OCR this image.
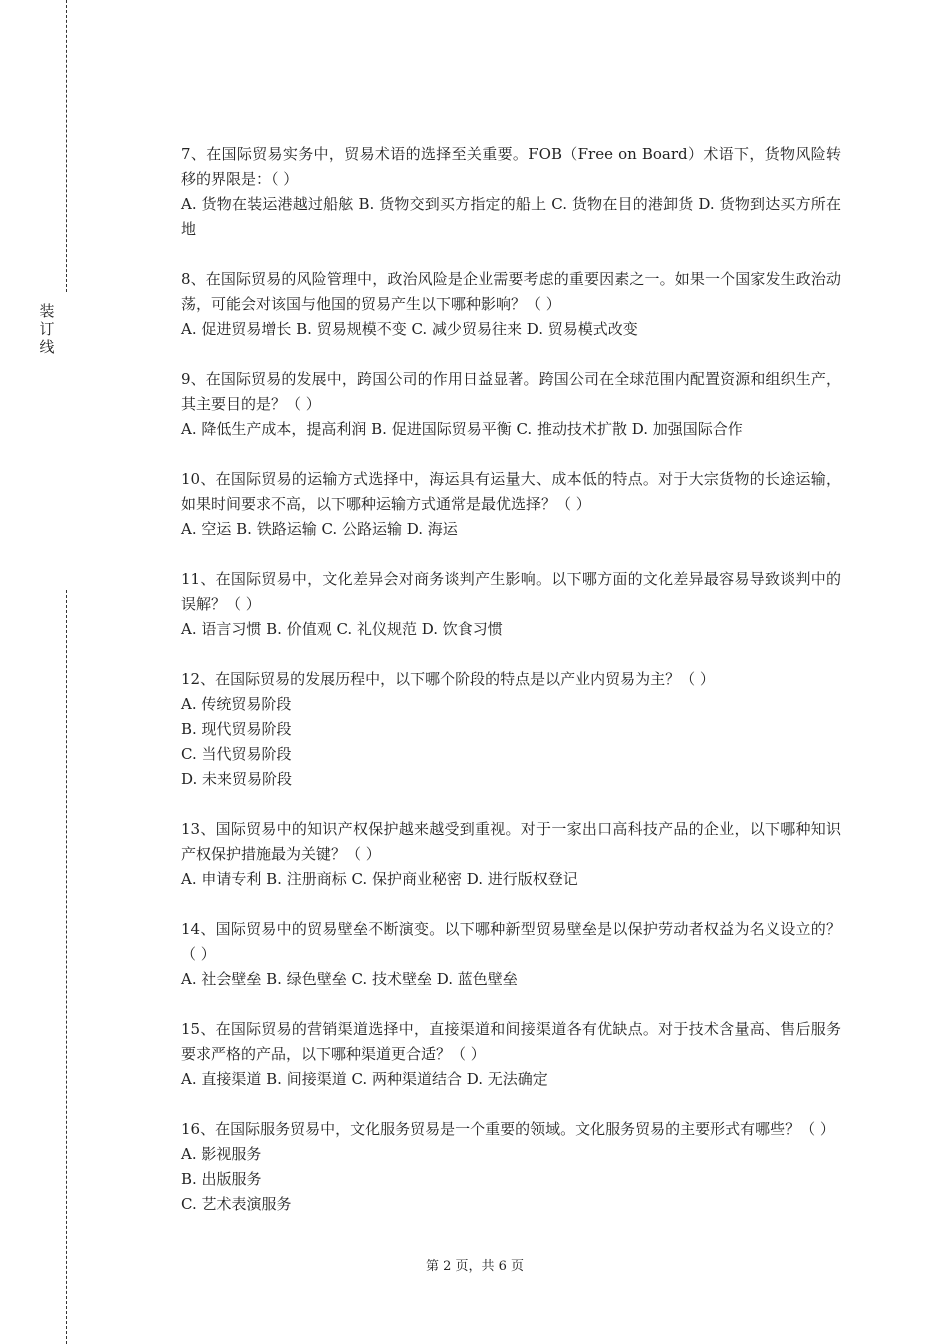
装
订
线

7、在国际贸易实务中，贸易术语的选择至关重要。FOB（Free on Board）术语下，货物风险转移的界限是：（ ）

A. 货物在装运港越过船舷 B. 货物交到买方指定的船上 C. 货物在目的港卸货 D. 货物到达买方所在地

8、在国际贸易的风险管理中，政治风险是企业需要考虑的重要因素之一。如果一个国家发生政治动荡，可能会对该国与他国的贸易产生以下哪种影响？（ ）

A. 促进贸易增长 B. 贸易规模不变 C. 减少贸易往来 D. 贸易模式改变

9、在国际贸易的发展中，跨国公司的作用日益显著。跨国公司在全球范围内配置资源和组织生产，其主要目的是？（ ）

A. 降低生产成本，提高利润 B. 促进国际贸易平衡 C. 推动技术扩散 D. 加强国际合作

10、在国际贸易的运输方式选择中，海运具有运量大、成本低的特点。对于大宗货物的长途运输，如果时间要求不高，以下哪种运输方式通常是最优选择？（ ）

A. 空运 B. 铁路运输 C. 公路运输 D. 海运

11、在国际贸易中，文化差异会对商务谈判产生影响。以下哪方面的文化差异最容易导致谈判中的误解？（ ）

A. 语言习惯 B. 价值观 C. 礼仪规范 D. 饮食习惯

12、在国际贸易的发展历程中，以下哪个阶段的特点是以产业内贸易为主？（ ）

A. 传统贸易阶段

B. 现代贸易阶段

C. 当代贸易阶段

D. 未来贸易阶段

13、国际贸易中的知识产权保护越来越受到重视。对于一家出口高科技产品的企业，以下哪种知识产权保护措施最为关键？（ ）

A. 申请专利 B. 注册商标 C. 保护商业秘密 D. 进行版权登记

14、国际贸易中的贸易壁垒不断演变。以下哪种新型贸易壁垒是以保护劳动者权益为名义设立的？（ ）

A. 社会壁垒 B. 绿色壁垒 C. 技术壁垒 D. 蓝色壁垒

15、在国际贸易的营销渠道选择中，直接渠道和间接渠道各有优缺点。对于技术含量高、售后服务要求严格的产品，以下哪种渠道更合适？（ ）

A. 直接渠道 B. 间接渠道 C. 两种渠道结合 D. 无法确定

16、在国际服务贸易中，文化服务贸易是一个重要的领域。文化服务贸易的主要形式有哪些？（ ）

A. 影视服务

B. 出版服务

C. 艺术表演服务

第 2 页，共 6 页
